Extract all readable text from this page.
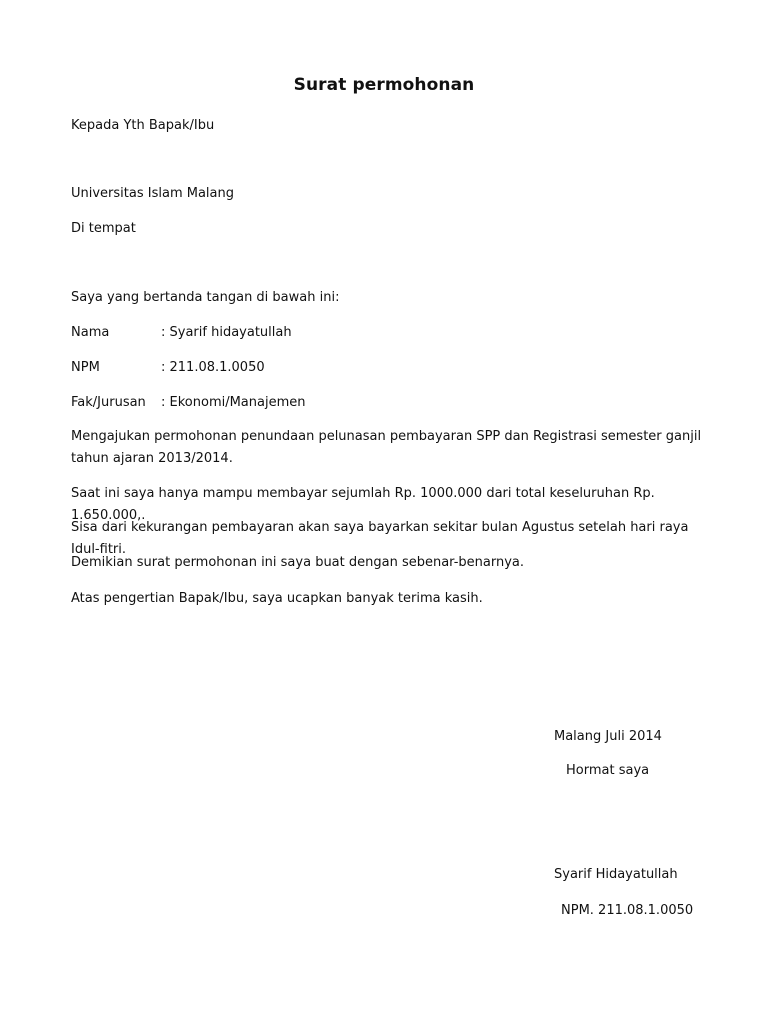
Surat permohonan
Kepada Yth Bapak/Ibu
Universitas Islam Malang
Di tempat
Saya yang bertanda tangan di bawah ini:
Nama	: Syarif hidayatullah
NPM	: 211.08.1.0050
Fak/Jurusan : Ekonomi/Manajemen
Mengajukan permohonan penundaan pelunasan pembayaran SPP dan Registrasi semester ganjil tahun ajaran 2013/2014.
Saat ini saya hanya mampu membayar sejumlah Rp. 1000.000 dari total keseluruhan Rp. 1.650.000,.
Sisa dari kekurangan pembayaran akan saya bayarkan sekitar bulan Agustus setelah hari raya Idul-fitri.
Demikian surat permohonan ini saya buat dengan sebenar-benarnya.
Atas pengertian Bapak/Ibu, saya ucapkan banyak terima kasih.
Malang Juli 2014
Hormat saya
Syarif Hidayatullah
NPM. 211.08.1.0050
